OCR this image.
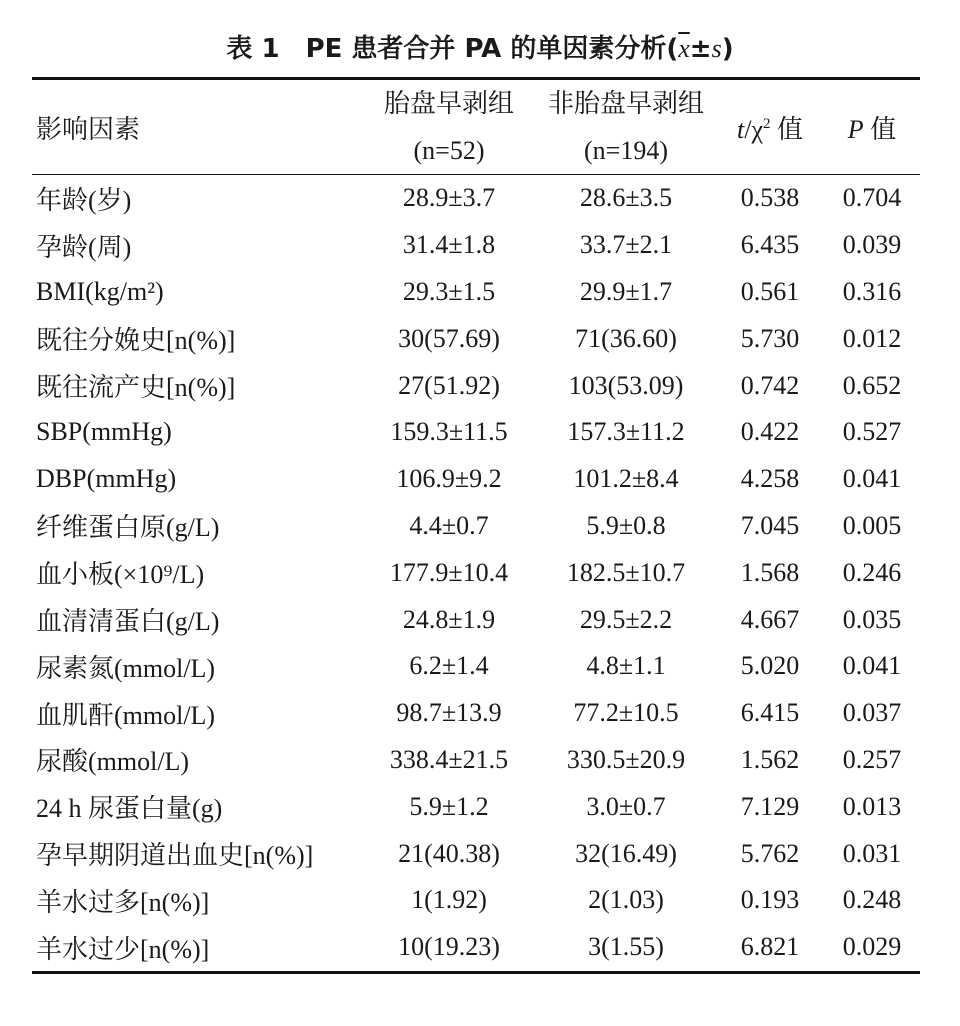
表 1　PE 患者合并 PA 的单因素分析$(\overline{x}\pm s)$
影响因素	胎盘早剥组	非胎盘早剥组	$t/\chi^2$ 值	P 值
	(n=52)	(n=194)		
年龄(岁)	28.9±3.7	28.6±3.5	0.538	0.704
孕龄(周)	31.4±1.8	33.7±2.1	6.435	0.039
BMI(kg/m²)	29.3±1.5	29.9±1.7	0.561	0.316
既往分娩史[n(%)]	30(57.69)	71(36.60)	5.730	0.012
既往流产史[n(%)]	27(51.92)	103(53.09)	0.742	0.652
SBP(mmHg)	159.3±11.5	157.3±11.2	0.422	0.527
DBP(mmHg)	106.9±9.2	101.2±8.4	4.258	0.041
纤维蛋白原(g/L)	4.4±0.7	5.9±0.8	7.045	0.005
血小板(×10⁹/L)	177.9±10.4	182.5±10.7	1.568	0.246
血清清蛋白(g/L)	24.8±1.9	29.5±2.2	4.667	0.035
尿素氮(mmol/L)	6.2±1.4	4.8±1.1	5.020	0.041
血肌酐(mmol/L)	98.7±13.9	77.2±10.5	6.415	0.037
尿酸(mmol/L)	338.4±21.5	330.5±20.9	1.562	0.257
24 h 尿蛋白量(g)	5.9±1.2	3.0±0.7	7.129	0.013
孕早期阴道出血史[n(%)]	21(40.38)	32(16.49)	5.762	0.031
羊水过多[n(%)]	1(1.92)	2(1.03)	0.193	0.248
羊水过少[n(%)]	10(19.23)	3(1.55)	6.821	0.029
